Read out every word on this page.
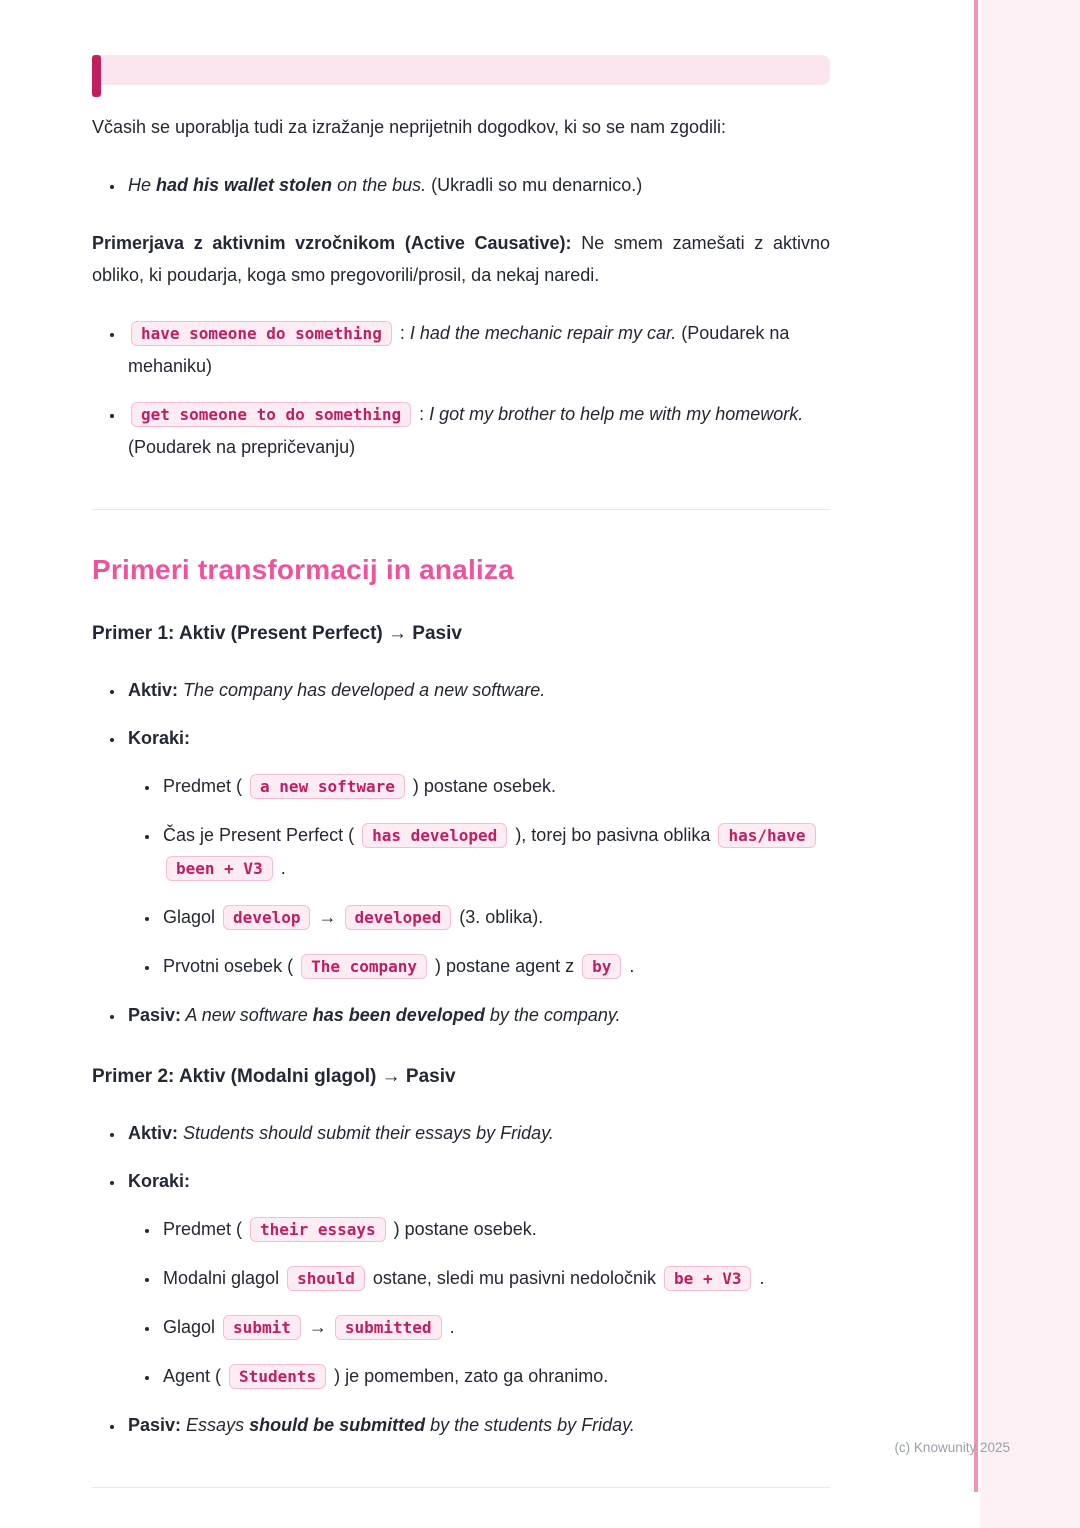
Včasih se uporablja tudi za izražanje neprijetnih dogodkov, ki so se nam zgodili:

• He had his wallet stolen on the bus. (Ukradli so mu denarnico.)

Primerjava z aktivnim vzročnikom (Active Causative): Ne smem zamešati z aktivno obliko, ki poudarja, koga smo pregovorili/prosil, da nekaj naredi.

• have someone do something : I had the mechanic repair my car. (Poudarek na mehaniku)
• get someone to do something : I got my brother to help me with my homework. (Poudarek na prepričevanju)
Primeri transformacij in analiza
Primer 1: Aktiv (Present Perfect) → Pasiv
• Aktiv: The company has developed a new software.
• Koraki:
• Predmet ( a new software ) postane osebek.
• Čas je Present Perfect ( has developed ), torej bo pasivna oblika has/have been + V3 .
• Glagol develop → developed (3. oblika).
• Prvotni osebek ( The company ) postane agent z by .
• Pasiv: A new software has been developed by the company.
Primer 2: Aktiv (Modalni glagol) → Pasiv
• Aktiv: Students should submit their essays by Friday.
• Koraki:
• Predmet ( their essays ) postane osebek.
• Modalni glagol should ostane, sledi mu pasivni nedoločnik be + V3 .
• Glagol submit → submitted .
• Agent ( Students ) je pomemben, zato ga ohranimo.
• Pasiv: Essays should be submitted by the students by Friday.
(c) Knowunity 2025
